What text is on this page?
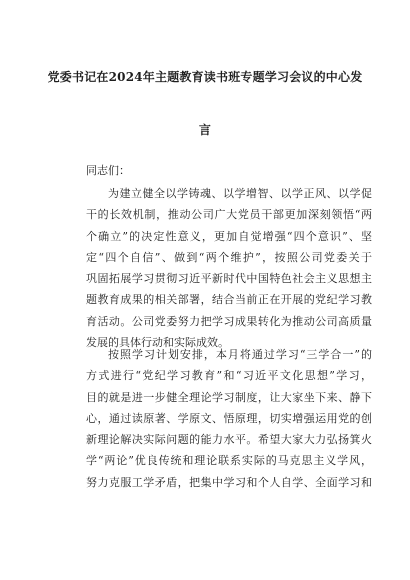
党委书记在2024年主题教育读书班专题学习会议的中心发
言
同志们：
为建立健全以学铸魂、以学增智、以学正风、以学促
干的长效机制，推动公司广大党员干部更加深刻领悟“两
个确立”的决定性意义，更加自觉增强“四个意识”、坚
定“四个自信”、做到“两个维护”，按照公司党委关于
巩固拓展学习贯彻习近平新时代中国特色社会主义思想主
题教育成果的相关部署，结合当前正在开展的党纪学习教
育活动。公司党委努力把学习成果转化为推动公司高质量
发展的具体行动和实际成效。
按照学习计划安排，本月将通过学习“三学合一”的
方式进行“党纪学习教育”和“习近平文化思想”学习，
目的就是进一步健全理论学习制度，让大家坐下来、静下
心，通过读原著、学原文、悟原理，切实增强运用党的创
新理论解决实际问题的能力水平。希望大家大力弘扬箕火
学“两论”优良传统和理论联系实际的马克思主义学风，
努力克服工学矛盾，把集中学习和个人自学、全面学习和
